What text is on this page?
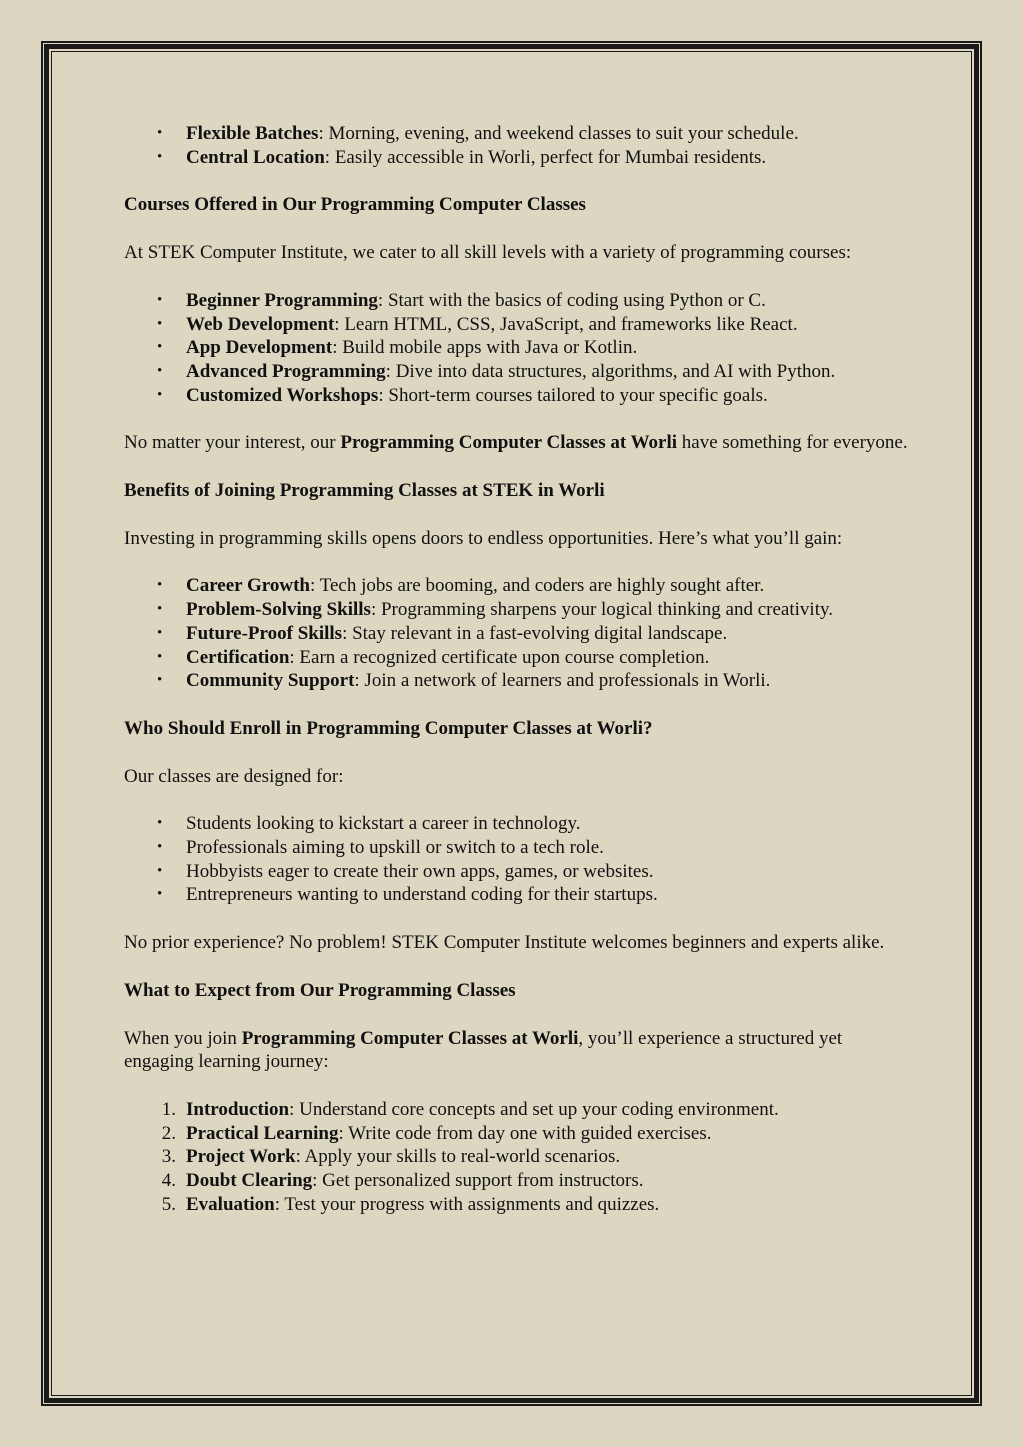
• Flexible Batches: Morning, evening, and weekend classes to suit your schedule.
• Central Location: Easily accessible in Worli, perfect for Mumbai residents.

Courses Offered in Our Programming Computer Classes

At STEK Computer Institute, we cater to all skill levels with a variety of programming courses:

• Beginner Programming: Start with the basics of coding using Python or C.
• Web Development: Learn HTML, CSS, JavaScript, and frameworks like React.
• App Development: Build mobile apps with Java or Kotlin.
• Advanced Programming: Dive into data structures, algorithms, and AI with Python.
• Customized Workshops: Short-term courses tailored to your specific goals.

No matter your interest, our Programming Computer Classes at Worli have something for everyone.

Benefits of Joining Programming Classes at STEK in Worli

Investing in programming skills opens doors to endless opportunities. Here’s what you’ll gain:

• Career Growth: Tech jobs are booming, and coders are highly sought after.
• Problem-Solving Skills: Programming sharpens your logical thinking and creativity.
• Future-Proof Skills: Stay relevant in a fast-evolving digital landscape.
• Certification: Earn a recognized certificate upon course completion.
• Community Support: Join a network of learners and professionals in Worli.

Who Should Enroll in Programming Computer Classes at Worli?

Our classes are designed for:

• Students looking to kickstart a career in technology.
• Professionals aiming to upskill or switch to a tech role.
• Hobbyists eager to create their own apps, games, or websites.
• Entrepreneurs wanting to understand coding for their startups.

No prior experience? No problem! STEK Computer Institute welcomes beginners and experts alike.

What to Expect from Our Programming Classes

When you join Programming Computer Classes at Worli, you’ll experience a structured yet engaging learning journey:

1. Introduction: Understand core concepts and set up your coding environment.
2. Practical Learning: Write code from day one with guided exercises.
3. Project Work: Apply your skills to real-world scenarios.
4. Doubt Clearing: Get personalized support from instructors.
5. Evaluation: Test your progress with assignments and quizzes.
